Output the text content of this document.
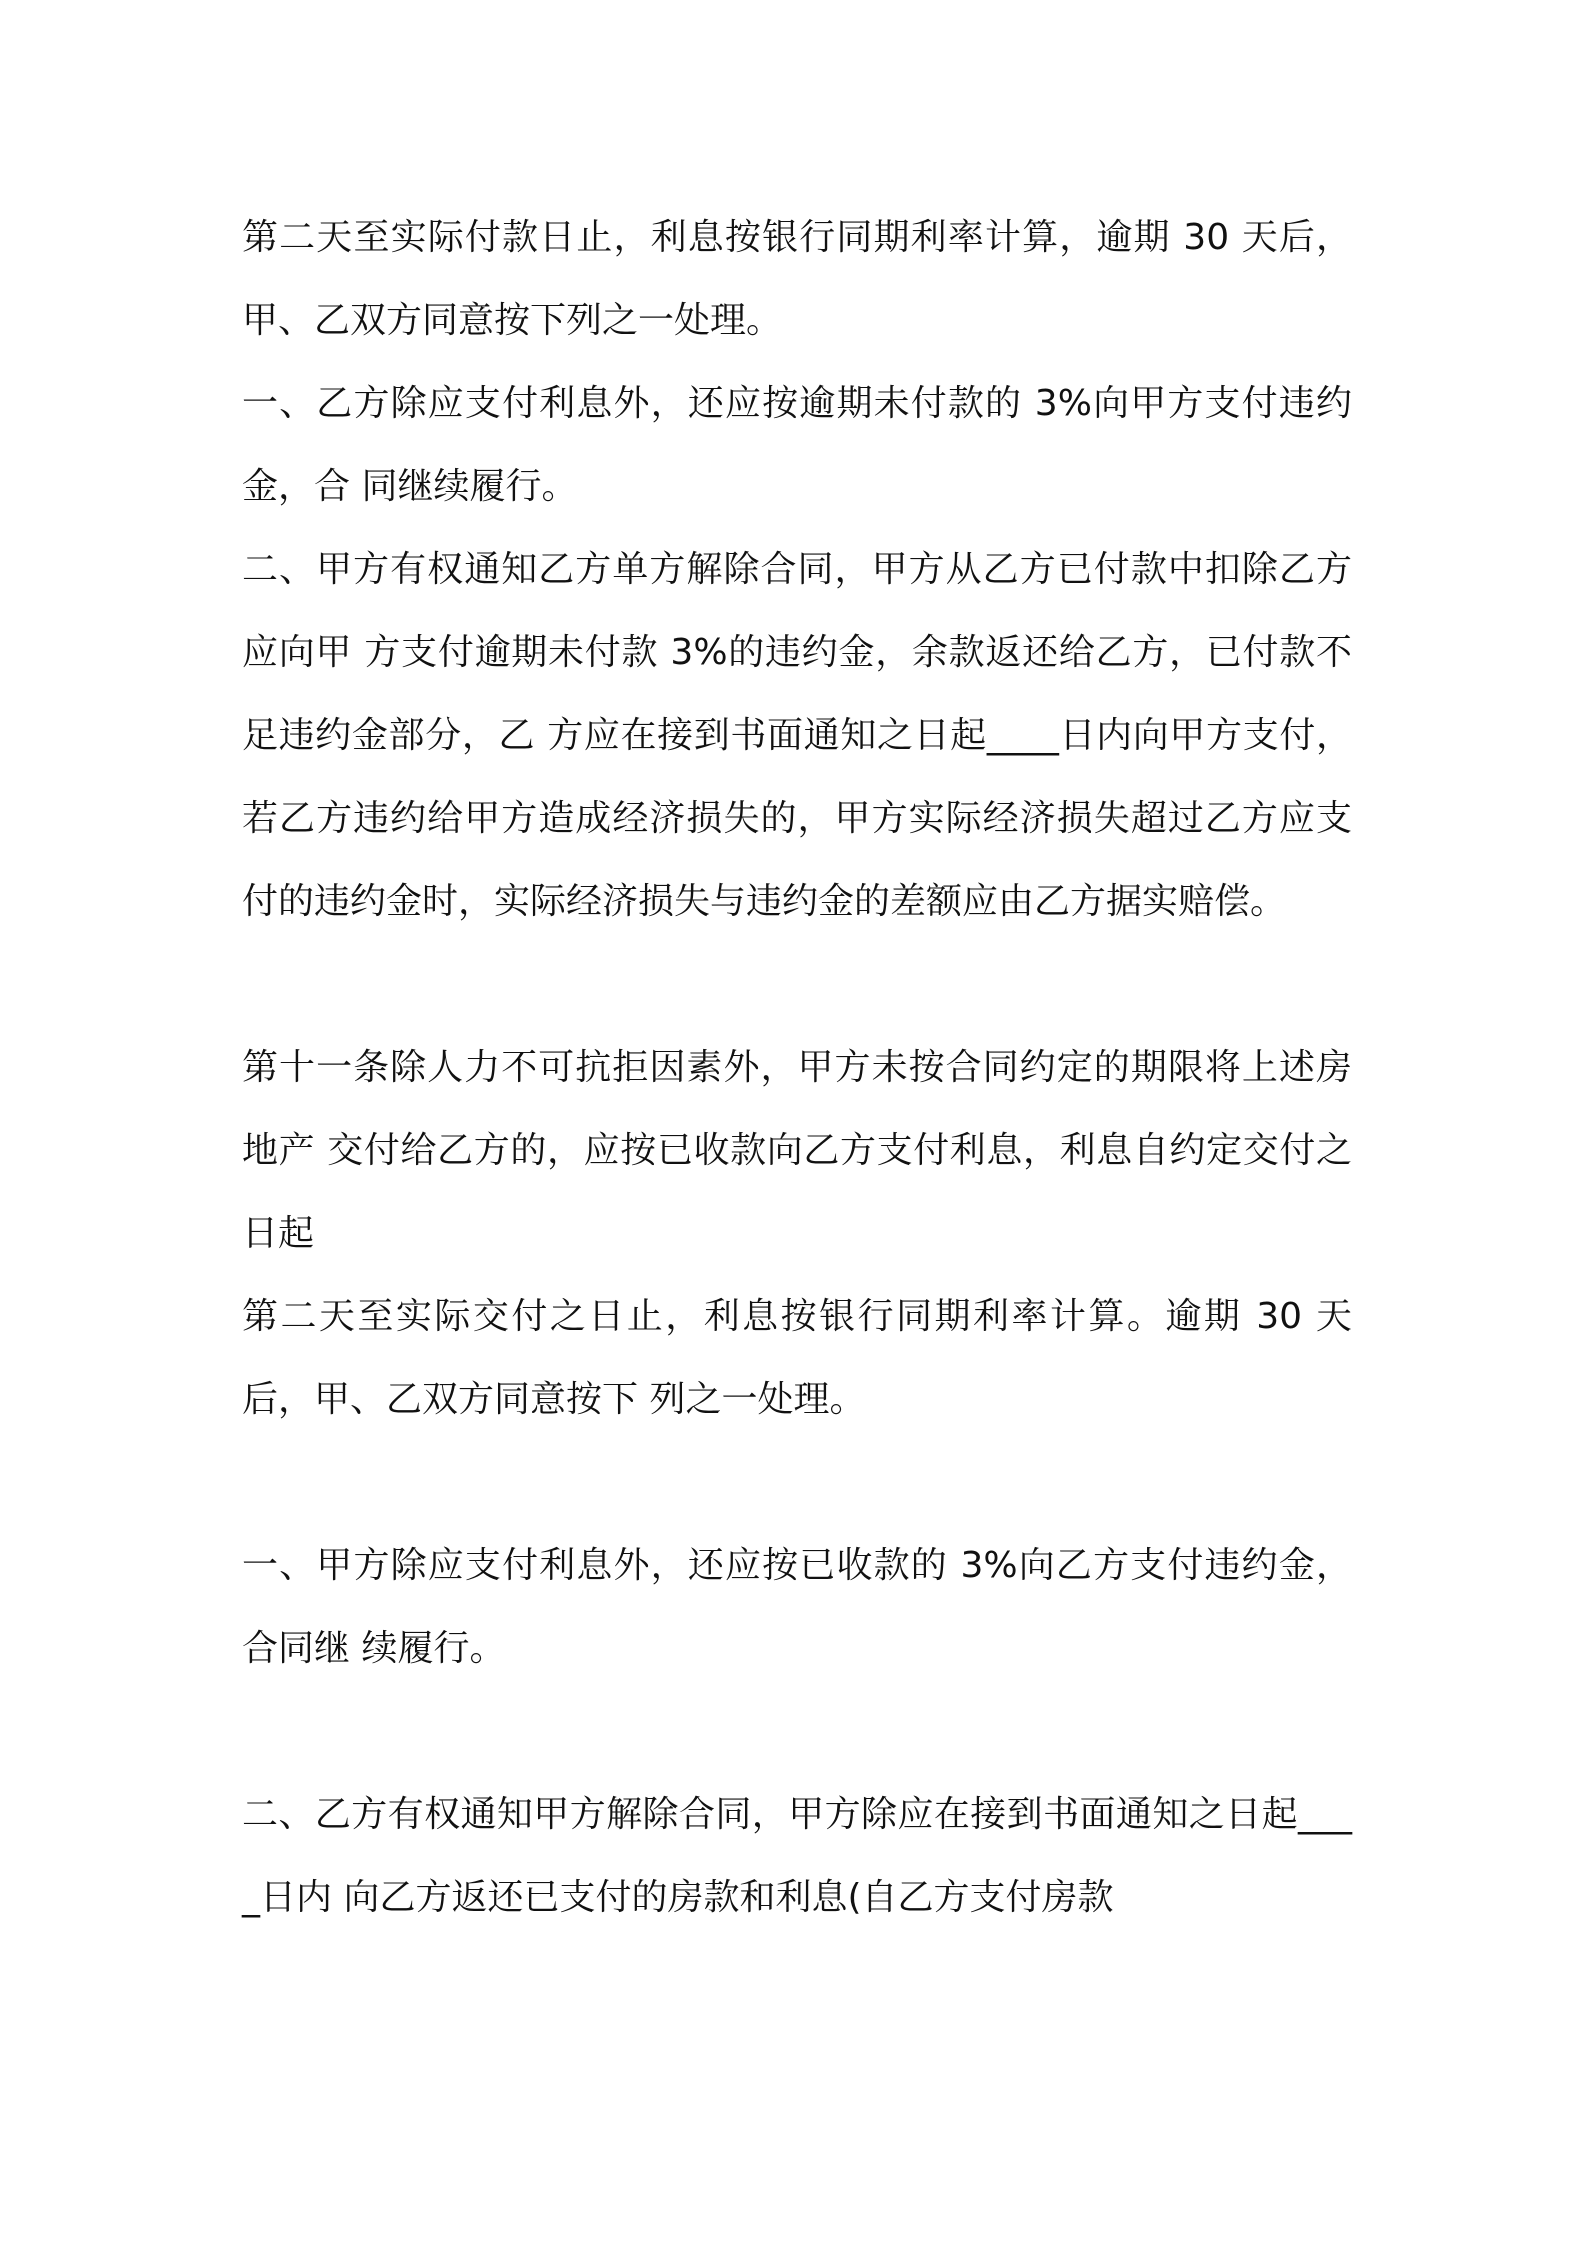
第二天至实际付款日止，利息按银行同期利率计算，逾期 30 天后，甲、乙双方同意按下列之一处理。

一、乙方除应支付利息外，还应按逾期未付款的 3%向甲方支付违约金，合 同继续履行。

二、甲方有权通知乙方单方解除合同，甲方从乙方已付款中扣除乙方应向甲 方支付逾期未付款 3%的违约金，余款返还给乙方，已付款不足违约金部分，乙 方应在接到书面通知之日起____日内向甲方支付，若乙方违约给甲方造成经济损失的，甲方实际经济损失超过乙方应支付的违约金时，实际经济损失与违约金的差额应由乙方据实赔偿。

第十一条除人力不可抗拒因素外，甲方未按合同约定的期限将上述房地产 交付给乙方的，应按已收款向乙方支付利息，利息自约定交付之日起

第二天至实际交付之日止，利息按银行同期利率计算。逾期 30 天后，甲、乙双方同意按下 列之一处理。

一、甲方除应支付利息外，还应按已收款的 3%向乙方支付违约金，合同继 续履行。

二、乙方有权通知甲方解除合同，甲方除应在接到书面通知之日起____日内 向乙方返还已支付的房款和利息(自乙方支付房款
